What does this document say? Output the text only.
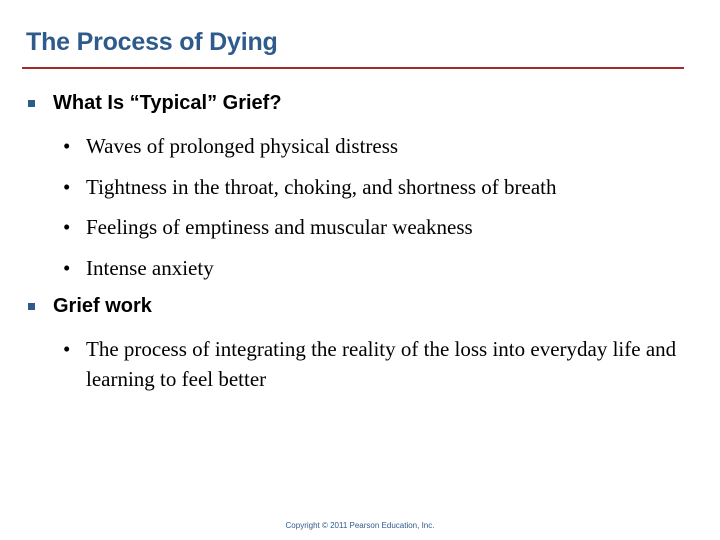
The Process of Dying
What Is “Typical” Grief?
• Waves of prolonged physical distress
• Tightness in the throat, choking, and shortness of breath
• Feelings of emptiness and muscular weakness
• Intense anxiety
Grief work
• The process of integrating the reality of the loss into everyday life and learning to feel better
Copyright © 2011 Pearson Education, Inc.
